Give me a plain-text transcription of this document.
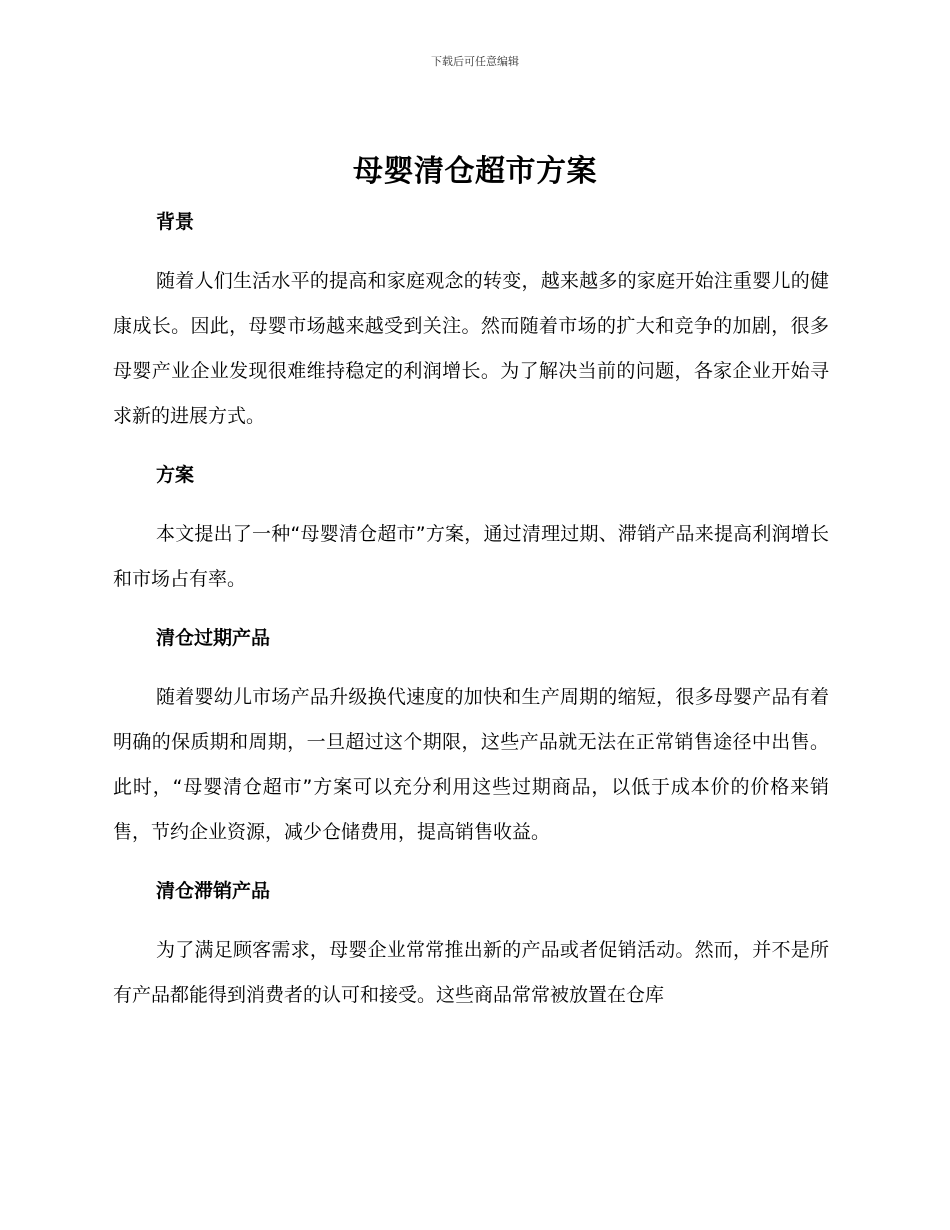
下载后可任意编辑
母婴清仓超市方案

背景

随着人们生活水平的提高和家庭观念的转变，越来越多的家庭开始注重婴儿的健康成长。因此，母婴市场越来越受到关注。然而随着市场的扩大和竞争的加剧，很多母婴产业企业发现很难维持稳定的利润增长。为了解决当前的问题，各家企业开始寻求新的进展方式。

方案

本文提出了一种“母婴清仓超市”方案，通过清理过期、滞销产品来提高利润增长和市场占有率。

清仓过期产品

随着婴幼儿市场产品升级换代速度的加快和生产周期的缩短，很多母婴产品有着明确的保质期和周期，一旦超过这个期限，这些产品就无法在正常销售途径中出售。此时，“母婴清仓超市”方案可以充分利用这些过期商品，以低于成本价的价格来销售，节约企业资源，减少仓储费用，提高销售收益。

清仓滞销产品

为了满足顾客需求，母婴企业常常推出新的产品或者促销活动。然而，并不是所有产品都能得到消费者的认可和接受。这些商品常常被放置在仓库
